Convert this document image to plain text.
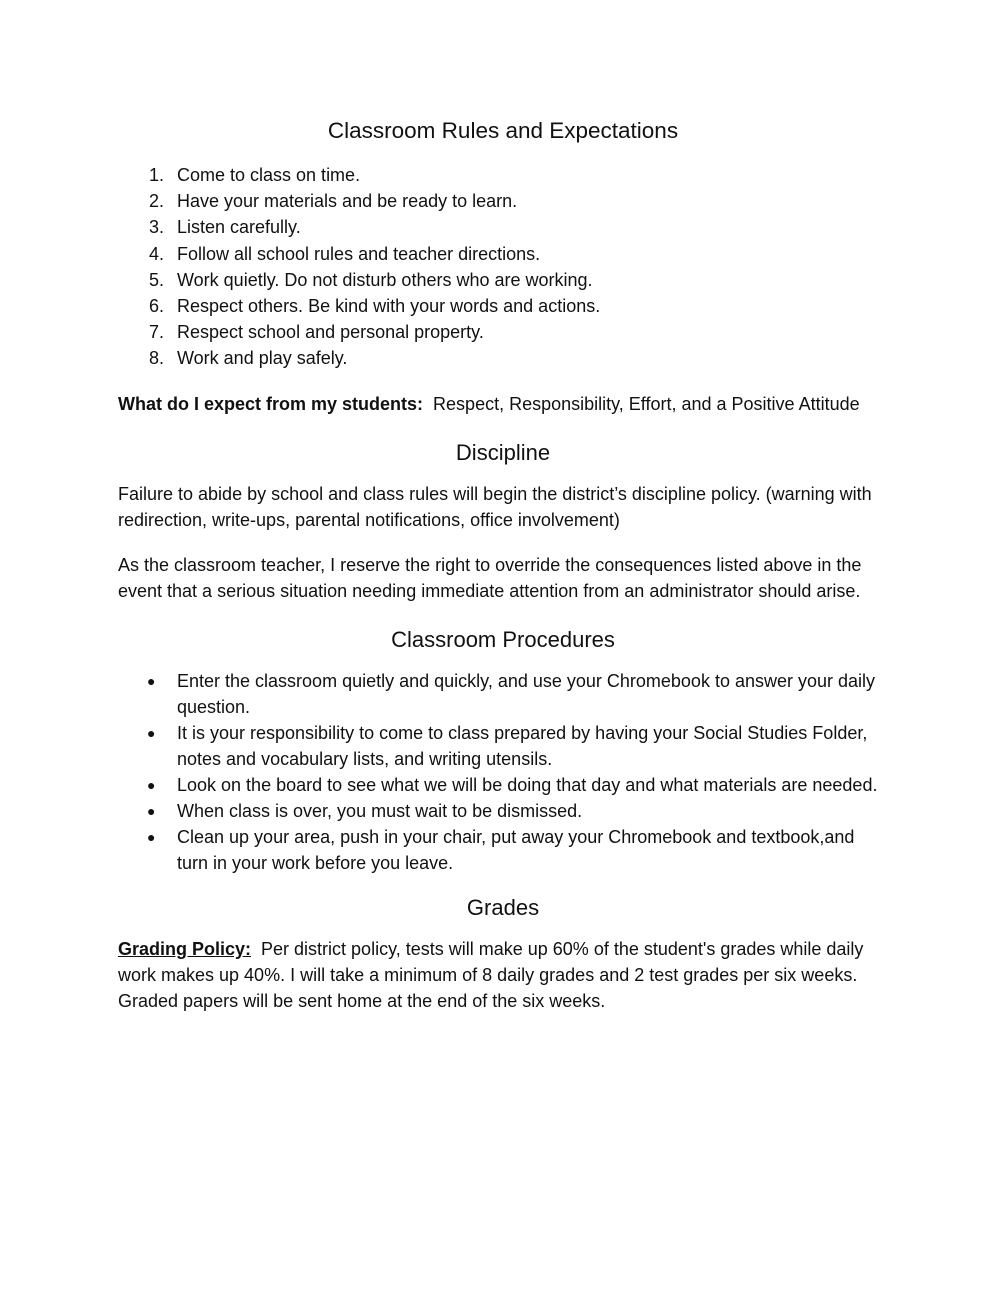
Classroom Rules and Expectations
1. Come to class on time.
2. Have your materials and be ready to learn.
3. Listen carefully.
4. Follow all school rules and teacher directions.
5. Work quietly. Do not disturb others who are working.
6. Respect others. Be kind with your words and actions.
7. Respect school and personal property.
8. Work and play safely.

What do I expect from my students:  Respect, Responsibility, Effort, and a Positive Attitude

Discipline

Failure to abide by school and class rules will begin the district’s discipline policy. (warning with redirection, write-ups, parental notifications, office involvement)

As the classroom teacher, I reserve the right to override the consequences listed above in the event that a serious situation needing immediate attention from an administrator should arise.

Classroom Procedures
● Enter the classroom quietly and quickly, and use your Chromebook to answer your daily question.
● It is your responsibility to come to class prepared by having your Social Studies Folder, notes and vocabulary lists, and writing utensils.
● Look on the board to see what we will be doing that day and what materials are needed.
● When class is over, you must wait to be dismissed.
● Clean up your area, push in your chair, put away your Chromebook and textbook,and turn in your work before you leave.
Grades

Grading Policy:  Per district policy, tests will make up 60% of the student's grades while daily work makes up 40%. I will take a minimum of 8 daily grades and 2 test grades per six weeks.  Graded papers will be sent home at the end of the six weeks.
